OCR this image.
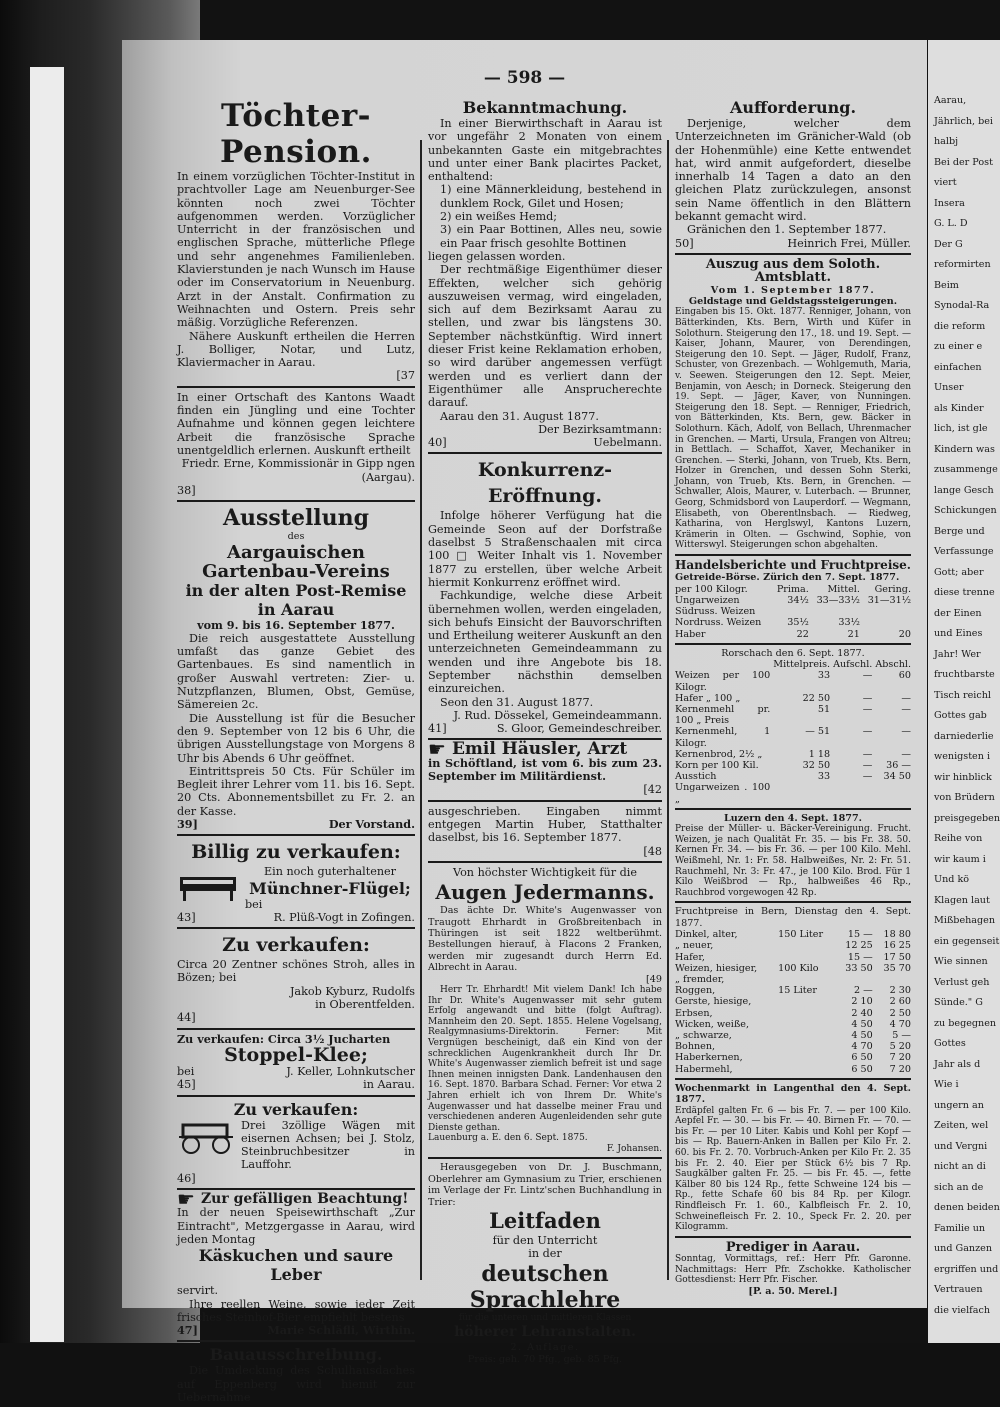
— 598 —
Töchter-Pension.

In einem vorzüglichen Töchter-Institut in prachtvoller Lage am Neuenburger-See könnten noch zwei Töchter aufgenommen werden. Vorzüglicher Unterricht in der französischen und englischen Sprache, mütterliche Pflege und sehr angenehmes Familienleben. Klavierstunden je nach Wunsch im Hause oder im Conservatorium in Neuenburg. Arzt in der Anstalt. Confirmation zu Weihnachten und Ostern. Preis sehr mäßig. Vorzügliche Referenzen.

Nähere Auskunft ertheilen die Herren J. Bolliger, Notar, und Lutz, Klaviermacher in Aarau.

[37

In einer Ortschaft des Kantons Waadt finden ein Jüngling und eine Tochter Aufnahme und können gegen leichtere Arbeit die französische Sprache unentgeldlich erlernen. Auskunft ertheilt

Friedr. Erne, Kommissionär in Gipp ngen (Aargau).
38]
Ausstellung
des
Aargauischen Gartenbau-Vereins
in der alten Post-Remise
in Aarau
vom 9. bis 16. September 1877.

Die reich ausgestattete Ausstellung umfaßt das ganze Gebiet des Gartenbaues. Es sind namentlich in großer Auswahl vertreten: Zier- u. Nutzpflanzen, Blumen, Obst, Gemüse, Sämereien 2c.

Die Ausstellung ist für die Besucher den 9. September von 12 bis 6 Uhr, die übrigen Ausstellungstage von Morgens 8 Uhr bis Abends 6 Uhr geöffnet.

Eintrittspreis 50 Cts. Für Schüler im Begleit ihrer Lehrer vom 11. bis 16. Sept. 20 Cts. Abonnementsbillet zu Fr. 2. an der Kasse.

39]	Der Vorstand.
Billig zu verkaufen:
Ein noch guterhaltener
Münchner-Flügel;
bei
43]	R. Plüß-Vogt in Zofingen.
Zu verkaufen:

Circa 20 Zentner schönes Stroh, alles in Bözen; bei

Jakob Kyburz, Rudolfs
in Oberentfelden.
44]
Zu verkaufen: Circa 3½ Jucharten
Stoppel-Klee;
bei	J. Keller, Lohnkutscher
45]	in Aarau.
Zu verkaufen:

Drei 3zöllige Wägen mit eisernen Achsen; bei J. Stolz, Steinbruchbesitzer in Lauffohr.

46]
☛ Zur gefälligen Beachtung!

In der neuen Speisewirthschaft „Zur Eintracht", Metzgergasse in Aarau, wird jeden Montag

Käskuchen und saure Leber

servirt.

Ihre reellen Weine, sowie jeder Zeit frisches Steinhof-Bier empfiehlt bestens

47]	Marie Schläfli, Wirthin.
Bauausschreibung.

Die Umdeckung des Schulhausdaches auf Eppenberg wird hiemit zur Uebernahme

Bekanntmachung.

In einer Bierwirthschaft in Aarau ist vor ungefähr 2 Monaten von einem unbekannten Gaste ein mitgebrachtes und unter einer Bank placirtes Packet, enthaltend:

1) eine Männerkleidung, bestehend in dunklem Rock, Gilet und Hosen;

2) ein weißes Hemd;

3) ein Paar Bottinen, Alles neu, sowie ein Paar frisch gesohlte Bottinen

liegen gelassen worden.

Der rechtmäßige Eigenthümer dieser Effekten, welcher sich gehörig auszuweisen vermag, wird eingeladen, sich auf dem Bezirksamt Aarau zu stellen, und zwar bis längstens 30. September nächstkünftig. Wird innert dieser Frist keine Reklamation erhoben, so wird darüber angemessen verfügt werden und es verliert dann der Eigenthümer alle Ansprucherechte darauf.

Aarau den 31. August 1877.

Der Bezirksamtmann:
40]	Uebelmann.
Konkurrenz-Eröffnung.

Infolge höherer Verfügung hat die Gemeinde Seon auf der Dorfstraße daselbst 5 Straßenschaalen mit circa 100 □ Weiter Inhalt vis 1. November 1877 zu erstellen, über welche Arbeit hiermit Konkurrenz eröffnet wird.

Fachkundige, welche diese Arbeit übernehmen wollen, werden eingeladen, sich behufs Einsicht der Bauvorschriften und Ertheilung weiterer Auskunft an den unterzeichneten Gemeindeammann zu wenden und ihre Angebote bis 18. September nächsthin demselben einzureichen.

Seon den 31. August 1877.

J. Rud. Dössekel, Gemeindeammann.
41]	S. Gloor, Gemeindeschreiber.
☛ Emil Häusler, Arzt

in Schöftland, ist vom 6. bis zum 23. September im Militärdienst.

[42

ausgeschrieben. Eingaben nimmt entgegen Martin Huber, Statthalter daselbst, bis 16. September 1877.

[48
Von höchster Wichtigkeit für die
Augen Jedermanns.

Das ächte Dr. White's Augenwasser von Traugott Ehrhardt in Großbreitenbach in Thüringen ist seit 1822 weltberühmt. Bestellungen hierauf, à Flacons 2 Franken, werden mir zugesandt durch Herrn Ed. Albrecht in Aarau.

[49

Herr Tr. Ehrhardt! Mit vielem Dank! Ich habe Ihr Dr. White's Augenwasser mit sehr gutem Erfolg angewandt und bitte (folgt Auftrag). Mannheim den 20. Sept. 1855. Helene Vogelsang, Realgymnasiums-Direktorin. Ferner: Mit Vergnügen bescheinigt, daß ein Kind von der schrecklichen Augenkrankheit durch Ihr Dr. White's Augenwasser ziemlich befreit ist und sage Ihnen meinen innigsten Dank. Landenhausen den 16. Sept. 1870. Barbara Schad. Ferner: Vor etwa 2 Jahren erhielt ich von Ihrem Dr. White's Augenwasser und hat dasselbe meiner Frau und verschiedenen anderen Augenleidenden sehr gute Dienste gethan.

Lauenburg a. E. den 6. Sept. 1875.
F. Johansen.

Herausgegeben von Dr. J. Buschmann, Oberlehrer am Gymnasium zu Trier, erschienen im Verlage der Fr. Lintz'schen Buchhandlung in Trier:

Leitfaden
für den Unterricht
in der
deutschen Sprachlehre
für die unteren und mittleren Klassen
höherer Lehranstalten.
2. Auflage.
Preis: geh. 70 Pfg., geb. 85 Pfg.
Aufforderung.

Derjenige, welcher dem Unterzeichneten im Gränicher-Wald (ob der Hohenmühle) eine Kette entwendet hat, wird anmit aufgefordert, dieselbe innerhalb 14 Tagen a dato an den gleichen Platz zurückzulegen, ansonst sein Name öffentlich in den Blättern bekannt gemacht wird.

Gränichen den 1. September 1877.

50]	Heinrich Frei, Müller.
Auszug aus dem Soloth. Amtsblatt.
Vom 1. September 1877.
Geldstage und Geldstagssteigerungen.

Eingaben bis 15. Okt. 1877. Renniger, Johann, von Bätterkinden, Kts. Bern, Wirth und Küfer in Solothurn. Steigerung den 17., 18. und 19. Sept. — Kaiser, Johann, Maurer, von Derendingen, Steigerung den 10. Sept. — Jäger, Rudolf, Franz, Schuster, von Grezenbach. — Wohlgemuth, Maria, v. Seewen. Steigerungen den 12. Sept. Meier, Benjamin, von Aesch; in Dorneck. Steigerung den 19. Sept. — Jäger, Kaver, von Nunningen. Steigerung den 18. Sept. — Renniger, Friedrich, von Bätterkinden, Kts. Bern, gew. Bäcker in Solothurn. Käch, Adolf, von Bellach, Uhrenmacher in Grenchen. — Marti, Ursula, Frangen von Altreu; in Bettlach. — Schaffot, Xaver, Mechaniker in Grenchen. — Sterki, Johann, von Trueb, Kts. Bern, Holzer in Grenchen, und dessen Sohn Sterki, Johann, von Trueb, Kts. Bern, in Grenchen. — Schwaller, Alois, Maurer, v. Luterbach. — Brunner, Georg, Schmidsbord von Lauperdorf. — Wegmann, Elisabeth, von Oberentlnsbach. — Riedweg, Katharina, von Herglswyl, Kantons Luzern, Krämerin in Olten. — Gschwind, Sophie, von Witterswyl. Steigerungen schon abgehalten.

Handelsberichte und Fruchtpreise.
Getreide-Börse. Zürich den 7. Sept. 1877.
per 100 Kilogr.	Prima.	Mittel.	Gering.
Ungarweizen	34½	33—33½	31—31½
Südruss. Weizen			
Nordruss. Weizen	35½	33½	
Haber	22	21	20
Rorschach den 6. Sept. 1877.
	Mittelpreis.	Aufschl.	Abschl.
Weizen per 100 Kilogr.	33	—	60
Hafer „ 100 „	22 50	—	—
Kernenmehl pr. 100 „ Preis	51	—	—
Kernenmehl, 1 Kilogr.	— 51	—	—
Kernenbrod, 2½ „	1 18	—	—
Korn per 100 Kil.	32 50	—	36 —
Ausstich Ungarweizen . 100 „	33	—	34 50
Luzern den 4. Sept. 1877.

Preise der Müller- u. Bäcker-Vereinigung. Frucht. Weizen, je nach Qualität Fr. 35. — bis Fr. 38. 50. Kernen Fr. 34. — bis Fr. 36. — per 100 Kilo. Mehl. Weißmehl, Nr. 1: Fr. 58. Halbweißes, Nr. 2: Fr. 51. Rauchmehl, Nr. 3: Fr. 47., je 100 Kilo. Brod. Für 1 Kilo Weißbrod — Rp., halbweißes 46 Rp., Rauchbrod vorgewogen 42 Rp.

Fruchtpreise in Bern, Dienstag den 4. Sept. 1877.
Dinkel, alter,	150 Liter	15 —	18 80
„ neuer,		12 25	16 25
Hafer,		15 —	17 50
Weizen, hiesiger,	100 Kilo	33 50	35 70
„ fremder,			
Roggen,	15 Liter	2 —	2 30
Gerste, hiesige,		2 10	2 60
Erbsen,		2 40	2 50
Wicken, weiße,		4 50	4 70
„ schwarze,		4 50	5 —
Bohnen,		4 70	5 20
Haberkernen,		6 50	7 20
Habermehl,		6 50	7 20
Wochenmarkt in Langenthal den 4. Sept. 1877.

Erdäpfel galten Fr. 6 — bis Fr. 7. — per 100 Kilo. Aepfel Fr. — 30. — bis Fr. — 40. Birnen Fr. — 70. — bis Fr. — per 10 Liter. Kabis und Kohl per Kopf — bis — Rp. Bauern-Anken in Ballen per Kilo Fr. 2. 60. bis Fr. 2. 70. Vorbruch-Anken per Kilo Fr. 2. 35 bis Fr. 2. 40. Eier per Stück 6½ bis 7 Rp. Saugkälber galten Fr. 25. — bis Fr. 45. —, fette Kälber 80 bis 124 Rp., fette Schweine 124 bis — Rp., fette Schafe 60 bis 84 Rp. per Kilogr. Rindfleisch Fr. 1. 60., Kalbfleisch Fr. 2. 10, Schweinefleisch Fr. 2. 10., Speck Fr. 2. 20. per Kilogramm.

Prediger in Aarau.

Sonntag, Vormittags, ref.: Herr Pfr. Garonne. Nachmittags: Herr Pfr. Zschokke. Katholischer Gottesdienst: Herr Pfr. Fischer.

[P. a. 50. Merel.]
Aarau,
Jährlich, bei
halbj
Bei der Post
viert
Insera
G. L. D
Der G
reformirten
Beim
Synodal-Ra
die reform
zu einer e
einfachen
Unser
als Kinder
lich, ist gle
Kindern was
zusammenge
lange Gesch
Schickungen
Berge und
Verfassunge
Gott; aber
diese trenne
der Einen
und Eines
Jahr! Wer
fruchtbarste
Tisch reichl
Gottes gab
darniederlie
wenigsten i
wir hinblick
von Brüdern
preisgegeben
Reihe von
wir kaum i
Und kö
Klagen laut
Mißbehagen
ein gegenseit
Wie sinnen
Verlust geh
Sünde." G
zu begegnen
Gottes
Jahr als d
Wie i
ungern an
Zeiten, wel
und Vergni
nicht an di
sich an de
denen beiden
Familie un
und Ganzen
ergriffen und
Vertrauen
die vielfach
